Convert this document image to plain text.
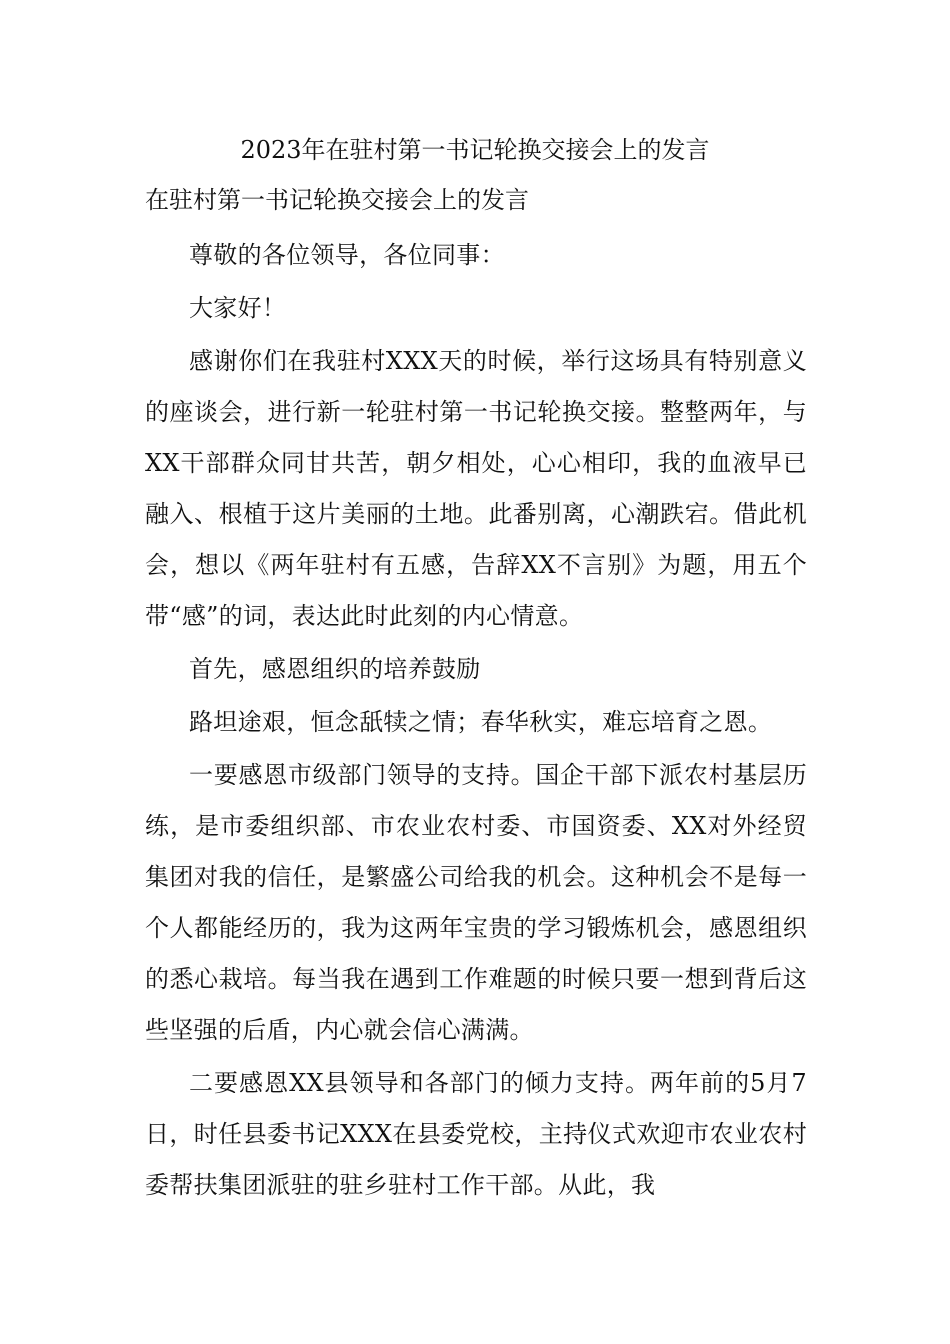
2023年在驻村第一书记轮换交接会上的发言
在驻村第一书记轮换交接会上的发言

尊敬的各位领导，各位同事：

大家好！

感谢你们在我驻村XXX天的时候，举行这场具有特别意义的座谈会，进行新一轮驻村第一书记轮换交接。整整两年，与XX干部群众同甘共苦，朝夕相处，心心相印，我的血液早已融入、根植于这片美丽的土地。此番别离，心潮跌宕。借此机会，想以《两年驻村有五感，告辞XX不言别》为题，用五个带“感”的词，表达此时此刻的内心情意。

首先，感恩组织的培养鼓励

路坦途艰，恒念舐犊之情；春华秋实，难忘培育之恩。

一要感恩市级部门领导的支持。国企干部下派农村基层历练，是市委组织部、市农业农村委、市国资委、XX对外经贸集团对我的信任，是繁盛公司给我的机会。这种机会不是每一个人都能经历的，我为这两年宝贵的学习锻炼机会，感恩组织的悉心栽培。每当我在遇到工作难题的时候只要一想到背后这些坚强的后盾，内心就会信心满满。

二要感恩XX县领导和各部门的倾力支持。两年前的5月7日，时任县委书记XXX在县委党校，主持仪式欢迎市农业农村委帮扶集团派驻的驻乡驻村工作干部。从此，我
